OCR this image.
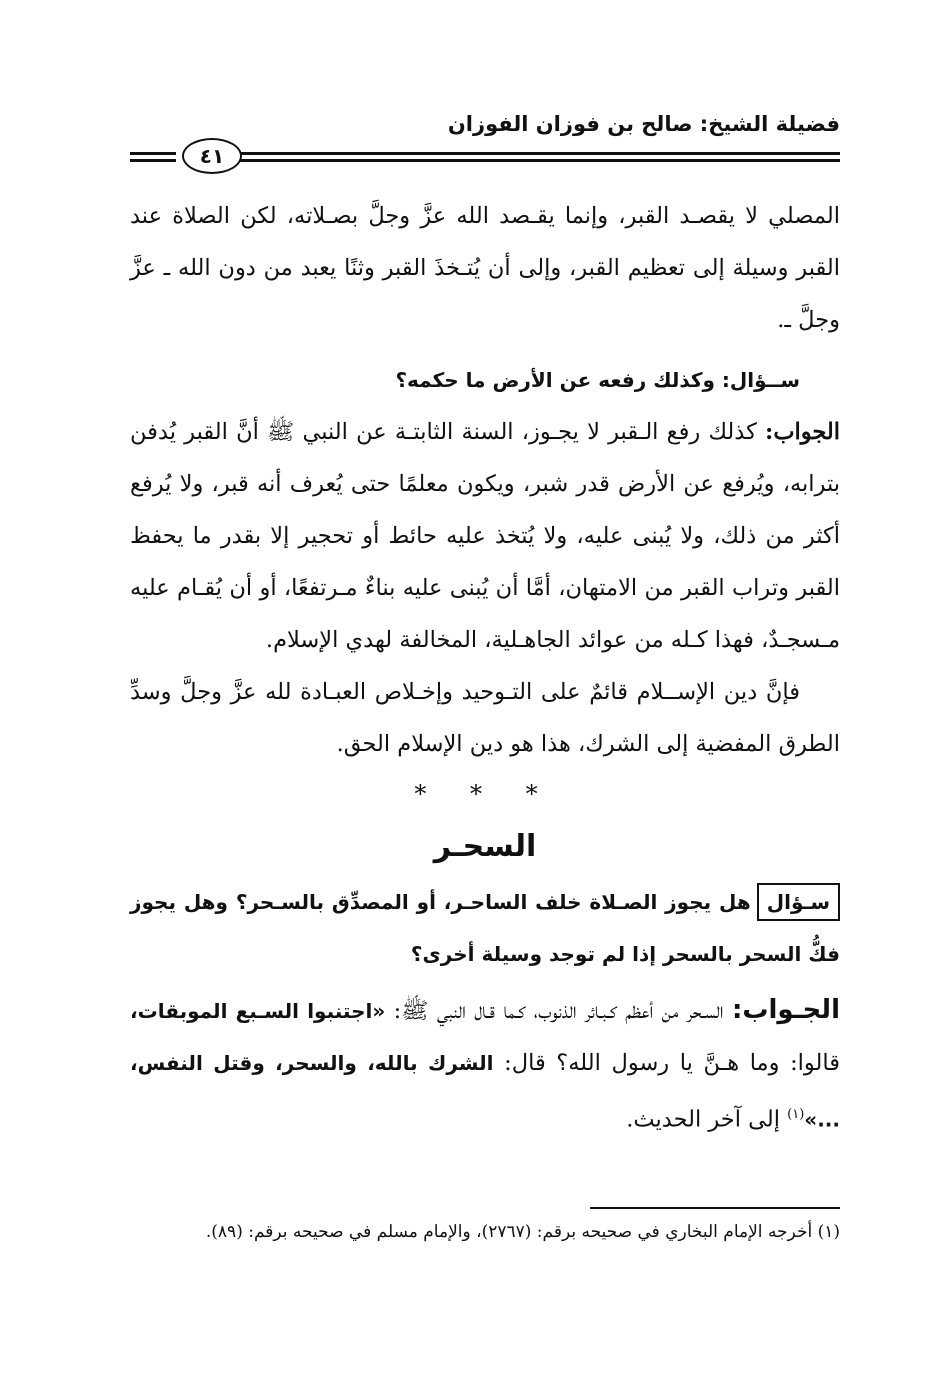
فضيلة الشيخ: صالح بن فوزان الفوزان
٤١

المصلي لا يقصـد القبر، وإنما يقـصد الله عزَّ وجلَّ بصـلاته، لكن الصلاة عند القبر وسيلة إلى تعظيم القبر، وإلى أن يُتـخذَ القبر وثنًا يعبد من دون الله ـ عزَّ وجلَّ ـ.

ســؤال: وكذلك رفعه عن الأرض ما حكمه؟

الجواب: كذلك رفع الـقبر لا يجـوز، السنة الثابتـة عن النبي ﷺ أنَّ القبر يُدفن بترابه، ويُرفع عن الأرض قدر شبر، ويكون معلمًا حتى يُعرف أنه قبر، ولا يُرفع أكثر من ذلك، ولا يُبنى عليه، ولا يُتخذ عليه حائط أو تحجير إلا بقدر ما يحفظ القبر وتراب القبر من الامتهان، أمَّا أن يُبنى عليه بناءٌ مـرتفعًا، أو أن يُقـام عليه مـسجـدٌ، فهذا كـله من عوائد الجاهـلية، المخالفة لهدي الإسلام.

فإنَّ دين الإســلام قائمٌ على التـوحيد وإخـلاص العبـادة لله عزَّ وجلَّ وسدِّ الطرق المفضية إلى الشرك، هذا هو دين الإسلام الحق.

* * *

السحـر

سـؤالهل يجوز الصـلاة خلف الساحـر، أو المصدِّق بالسـحر؟ وهل يجوز فكُّ السحر بالسحر إذا لم توجد وسيلة أخرى؟

الجـواب: السـحر من أعظم كـبـائر الذنوب، كـما قـال النبي ﷺ: «اجتنبوا السـبع الموبقات، قالوا: وما هـنَّ يا رسول الله؟ قال: الشرك بالله، والسحر، وقتل النفس، ...»$^{(١)}$ إلى آخر الحديث.

(١) أخرجه الإمام البخاري في صحيحه برقم: (٢٧٦٧)، والإمام مسلم في صحيحه برقم: (٨٩).
